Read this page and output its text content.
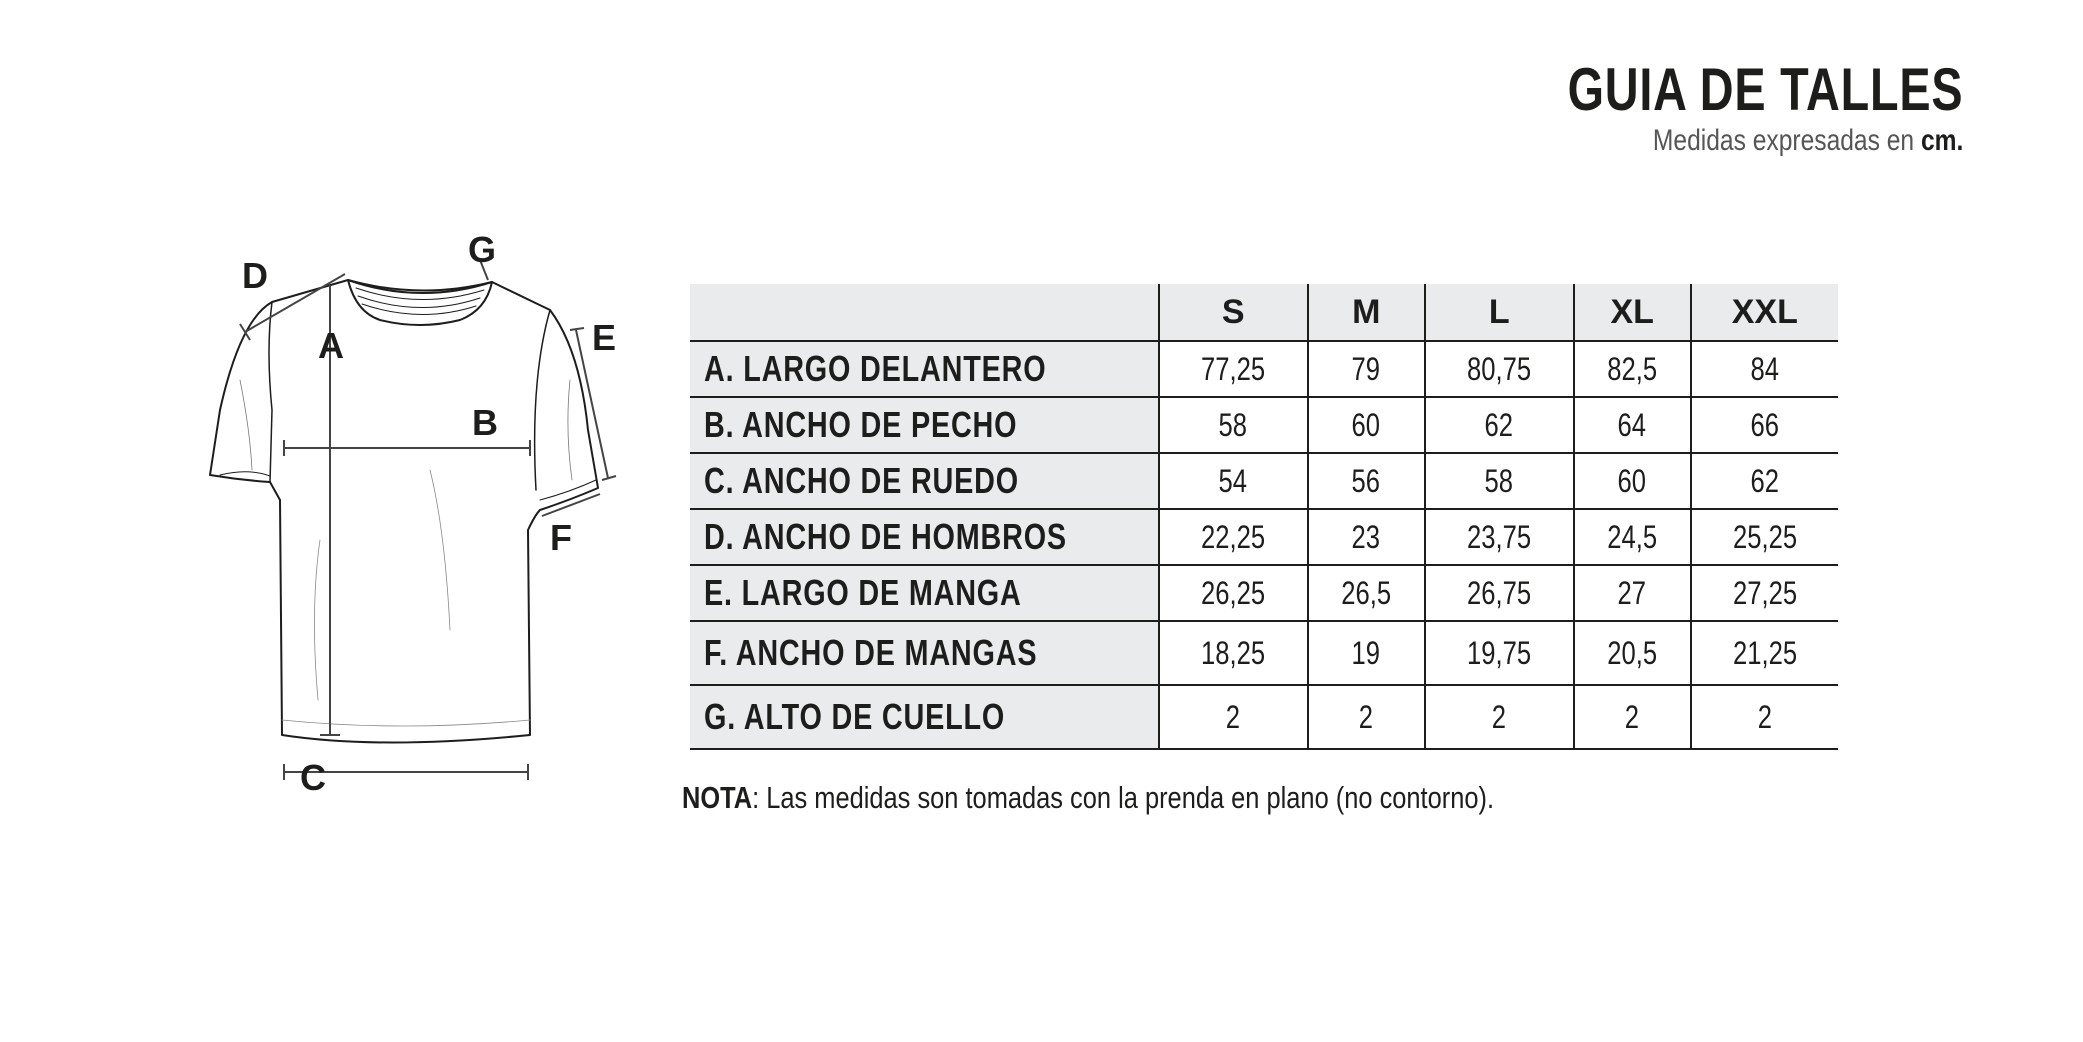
GUIA DE TALLES
Medidas expresadas en cm.
D
G
A	E
B
F
C
	S	M	L	XL	XXL
A. LARGO DELANTERO	77,25	79	80,75	82,5	84
B. ANCHO DE PECHO	58	60	62	64	66
C. ANCHO DE RUEDO	54	56	58	60	62
D. ANCHO DE HOMBROS	22,25	23	23,75	24,5	25,25
E. LARGO DE MANGA	26,25	26,5	26,75	27	27,25
F. ANCHO DE MANGAS	18,25	19	19,75	20,5	21,25
G. ALTO DE CUELLO	2	2	2	2	2
NOTA: Las medidas son tomadas con la prenda en plano (no contorno).
